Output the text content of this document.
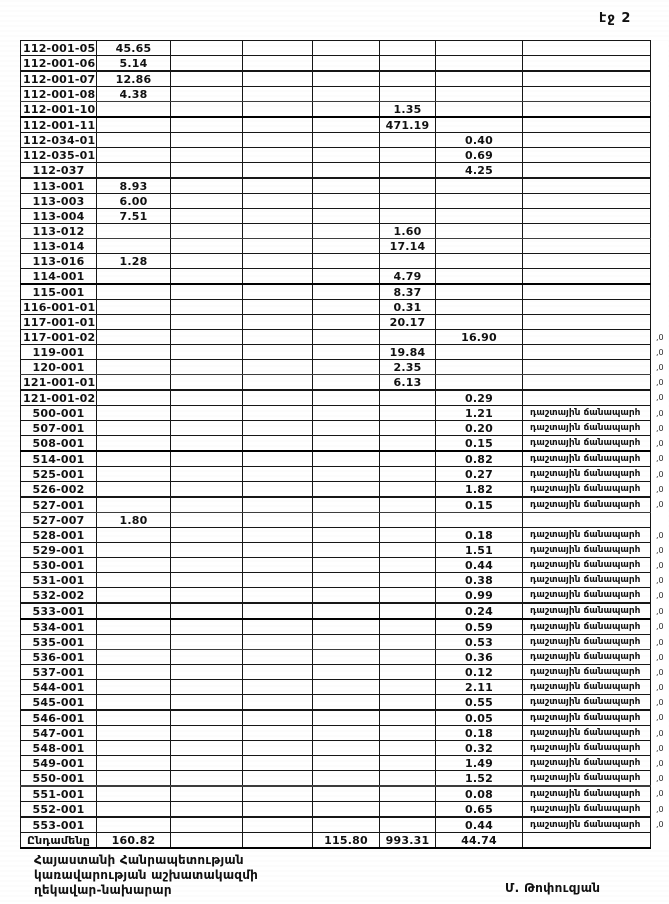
էջ 2
112-001-05	45.65							
112-001-06	5.14							
112-001-07	12.86							
112-001-08	4.38							
112-001-10					1.35			
112-001-11					471.19			
112-034-01						0.40		
112-035-01						0.69		
112-037						4.25		
113-001	8.93							
113-003	6.00							
113-004	7.51							
113-012					1.60			
113-014					17.14			
113-016	1.28							
114-001					4.79			
115-001					8.37			
116-001-01					0.31			
117-001-01					20.17			
117-001-02						16.90		,0
119-001					19.84			,0
120-001					2.35			,0
121-001-01					6.13			,0
121-001-02						0.29		,0
500-001						1.21	դաշտային ճանապարհ	,0
507-001						0.20	դաշտային ճանապարհ	,0
508-001						0.15	դաշտային ճանապարհ	,0
514-001						0.82	դաշտային ճանապարհ	,0
525-001						0.27	դաշտային ճանապարհ	,0
526-002						1.82	դաշտային ճանապարհ	,0
527-001						0.15	դաշտային ճանապարհ	,0
527-007	1.80							
528-001						0.18	դաշտային ճանապարհ	,0
529-001						1.51	դաշտային ճանապարհ	,0
530-001						0.44	դաշտային ճանապարհ	,0
531-001						0.38	դաշտային ճանապարհ	,0
532-002						0.99	դաշտային ճանապարհ	,0
533-001						0.24	դաշտային ճանապարհ	,0
534-001						0.59	դաշտային ճանապարհ	,0
535-001						0.53	դաշտային ճանապարհ	,0
536-001						0.36	դաշտային ճանապարհ	,0
537-001						0.12	դաշտային ճանապարհ	,0
544-001						2.11	դաշտային ճանապարհ	,0
545-001						0.55	դաշտային ճանապարհ	,0
546-001						0.05	դաշտային ճանապարհ	,0
547-001						0.18	դաշտային ճանապարհ	,0
548-001						0.32	դաշտային ճանապարհ	,0
549-001						1.49	դաշտային ճանապարհ	,0
550-001						1.52	դաշտային ճանապարհ	,0
551-001						0.08	դաշտային ճանապարհ	,0
552-001						0.65	դաշտային ճանապարհ	,0
553-001						0.44	դաշտային ճանապարհ	,0
Ընդամենը	160.82			115.80	993.31	44.74		
Հայաստանի Հանրապետության
կառավարության աշխատակազմի
ղեկավար-նախարար	Մ. Թոփուզյան
